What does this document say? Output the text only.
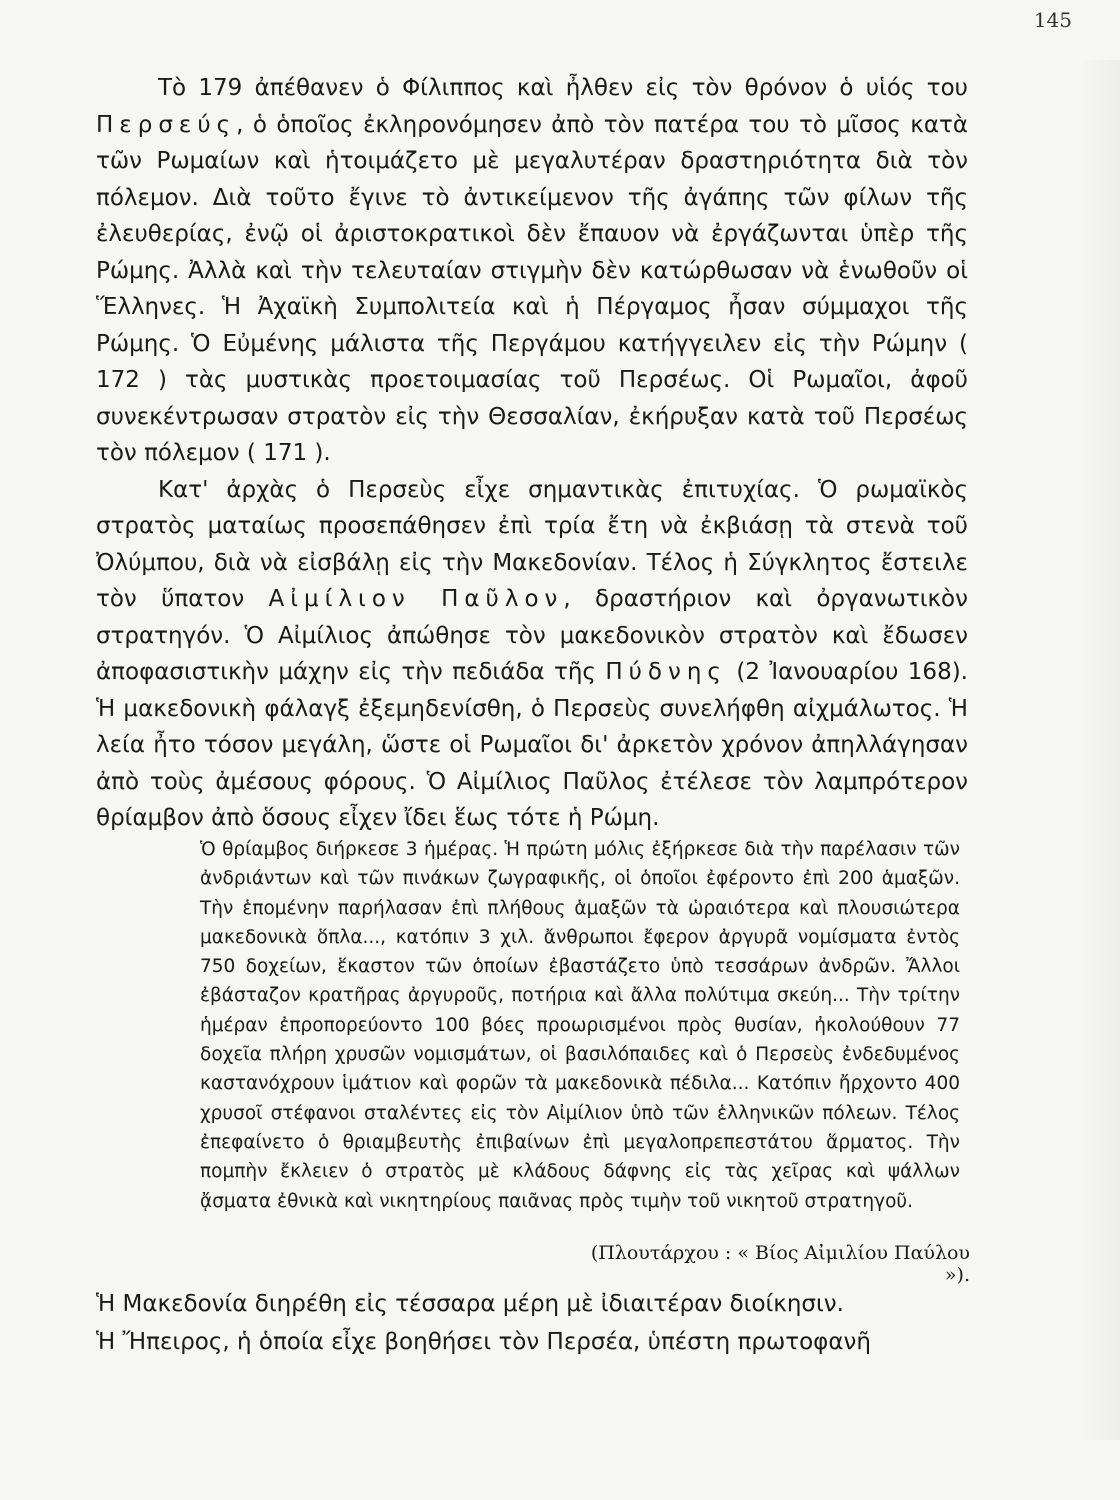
145

Τὸ 179 ἀπέθανεν ὁ Φίλιππος καὶ ἦλθεν εἰς τὸν θρόνον ὁ υἱός του Περσεύς, ὁ ὁποῖος ἐκληρονόμησεν ἀπὸ τὸν πατέρα του τὸ μῖσος κατὰ τῶν Ρωμαίων καὶ ἡτοιμάζετο μὲ μεγαλυτέραν δραστηριότητα διὰ τὸν πόλεμον. Διὰ τοῦτο ἔγινε τὸ ἀντικείμενον τῆς ἀγάπης τῶν φίλων τῆς ἐλευθερίας, ἐνῷ οἱ ἀριστοκρατικοὶ δὲν ἔπαυον νὰ ἐργάζωνται ὑπὲρ τῆς Ρώμης. Ἀλλὰ καὶ τὴν τελευταίαν στιγμὴν δὲν κατώρθωσαν νὰ ἑνωθοῦν οἱ Ἕλληνες. Ἡ Ἀχαϊκὴ Συμπολιτεία καὶ ἡ Πέργαμος ἦσαν σύμμαχοι τῆς Ρώμης. Ὁ Εὐμένης μάλιστα τῆς Περγάμου κατήγγειλεν εἰς τὴν Ρώμην ( 172 ) τὰς μυστικὰς προετοιμασίας τοῦ Περσέως. Οἱ Ρωμαῖοι, ἀφοῦ συνεκέντρωσαν στρατὸν εἰς τὴν Θεσσαλίαν, ἐκήρυξαν κατὰ τοῦ Περσέως τὸν πόλεμον ( 171 ).

Κατ' ἀρχὰς ὁ Περσεὺς εἶχε σημαντικὰς ἐπιτυχίας. Ὁ ρωμαϊκὸς στρατὸς ματαίως προσεπάθησεν ἐπὶ τρία ἔτη νὰ ἐκβιάσῃ τὰ στενὰ τοῦ Ὀλύμπου, διὰ νὰ εἰσβάλῃ εἰς τὴν Μακεδονίαν. Τέλος ἡ Σύγκλητος ἔστειλε τὸν ὕπατον Αἰμίλιον Παῦλον, δραστήριον καὶ ὀργανωτικὸν στρατηγόν. Ὁ Αἰμίλιος ἀπώθησε τὸν μακεδονικὸν στρατὸν καὶ ἔδωσεν ἀποφασιστικὴν μάχην εἰς τὴν πεδιάδα τῆς Πύδνης (2 Ἰανουαρίου 168). Ἡ μακεδονικὴ φάλαγξ ἐξεμηδενίσθη, ὁ Περσεὺς συνελήφθη αἰχμάλωτος. Ἡ λεία ἦτο τόσον μεγάλη, ὥστε οἱ Ρωμαῖοι δι' ἀρκετὸν χρόνον ἀπηλλάγησαν ἀπὸ τοὺς ἀμέσους φόρους. Ὁ Αἰμίλιος Παῦλος ἐτέλεσε τὸν λαμπρότερον θρίαμβον ἀπὸ ὅσους εἶχεν ἴδει ἕως τότε ἡ Ρώμη.

Ὁ θρίαμβος διήρκεσε 3 ἡμέρας. Ἡ πρώτη μόλις ἐξήρκεσε διὰ τὴν παρέλασιν τῶν ἀνδριάντων καὶ τῶν πινάκων ζωγραφικῆς, οἱ ὁποῖοι ἐφέροντο ἐπὶ 200 ἁμαξῶν. Τὴν ἑπομένην παρήλασαν ἐπὶ πλήθους ἁμαξῶν τὰ ὡραιότερα καὶ πλουσιώτερα μακεδονικὰ ὅπλα..., κατόπιν 3 χιλ. ἄνθρωποι ἔφερον ἀργυρᾶ νομίσματα ἐντὸς 750 δοχείων, ἕκαστον τῶν ὁποίων ἐβαστάζετο ὑπὸ τεσσάρων ἀνδρῶν. Ἄλλοι ἐβάσταζον κρατῆρας ἀργυροῦς, ποτήρια καὶ ἄλλα πολύτιμα σκεύη... Τὴν τρίτην ἡμέραν ἐπροπορεύοντο 100 βόες προωρισμένοι πρὸς θυσίαν, ἠκολούθουν 77 δοχεῖα πλήρη χρυσῶν νομισμάτων, οἱ βασιλόπαιδες καὶ ὁ Περσεὺς ἐνδεδυμένος καστανόχρουν ἱμάτιον καὶ φορῶν τὰ μακεδονικὰ πέδιλα... Κατόπιν ἤρχοντο 400 χρυσοῖ στέφανοι σταλέντες εἰς τὸν Αἰμίλιον ὑπὸ τῶν ἑλληνικῶν πόλεων. Τέλος ἐπεφαίνετο ὁ θριαμβευτὴς ἐπιβαίνων ἐπὶ μεγαλοπρεπεστάτου ἅρματος. Τὴν πομπὴν ἔκλειεν ὁ στρατὸς μὲ κλάδους δάφνης εἰς τὰς χεῖρας καὶ ψάλλων ᾄσματα ἐθνικὰ καὶ νικητηρίους παιᾶνας πρὸς τιμὴν τοῦ νικητοῦ στρατηγοῦ.

(Πλουτάρχου : « Βίος Αἰμιλίου Παύλου »).

Ἡ Μακεδονία διηρέθη εἰς τέσσαρα μέρη μὲ ἰδιαιτέραν διοίκησιν.

Ἡ Ἤπειρος, ἡ ὁποία εἶχε βοηθήσει τὸν Περσέα, ὑπέστη πρωτοφανῆ
